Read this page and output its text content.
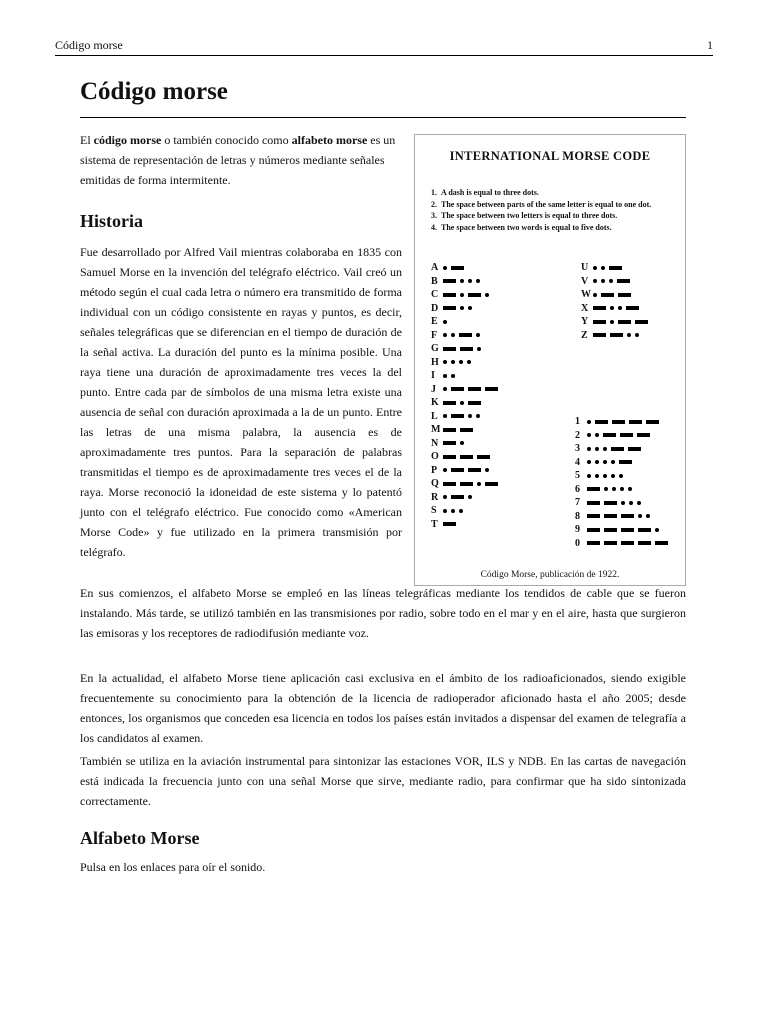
Código morse	1
Código morse

El código morse o también conocido como alfabeto morse es un sistema de representación de letras y números mediante señales emitidas de forma intermitente.

Historia

Fue desarrollado por Alfred Vail mientras colaboraba en 1835 con Samuel Morse en la invención del telégrafo eléctrico. Vail creó un método según el cual cada letra o número era transmitido de forma individual con un código consistente en rayas y puntos, es decir, señales telegráficas que se diferencian en el tiempo de duración de la señal activa. La duración del punto es la mínima posible. Una raya tiene una duración de aproximadamente tres veces la del punto. Entre cada par de símbolos de una misma letra existe una ausencia de señal con duración aproximada a la de un punto. Entre las letras de una misma palabra, la ausencia es de aproximadamente tres puntos. Para la separación de palabras transmitidas el tiempo es de aproximadamente tres veces el de la raya. Morse reconoció la idoneidad de este sistema y lo patentó junto con el telégrafo eléctrico. Fue conocido como «American Morse Code» y fue utilizado en la primera transmisión por telégrafo.

En sus comienzos, el alfabeto Morse se empleó en las líneas telegráficas mediante los tendidos de cable que se fueron instalando. Más tarde, se utilizó también en las transmisiones por radio, sobre todo en el mar y en el aire, hasta que surgieron las emisoras y los receptores de radiodifusión mediante voz.

En la actualidad, el alfabeto Morse tiene aplicación casi exclusiva en el ámbito de los radioaficionados, siendo exigible frecuentemente su conocimiento para la obtención de la licencia de radioperador aficionado hasta el año 2005; desde entonces, los organismos que conceden esa licencia en todos los países están invitados a dispensar del examen de telegrafía a los candidatos al examen.

También se utiliza en la aviación instrumental para sintonizar las estaciones VOR, ILS y NDB. En las cartas de navegación está indicada la frecuencia junto con una señal Morse que sirve, mediante radio, para confirmar que ha sido sintonizada correctamente.

Alfabeto Morse

Pulsa en los enlaces para oír el sonido.

INTERNATIONAL MORSE CODE
1. A dash is equal to three dots.
2. The space between parts of the same letter is equal to one dot.
3. The space between two letters is equal to three dots.
4. The space between two words is equal to five dots.
A
B
C
D
E
F
G
H
I
J
K
L
M
N
O
P
Q
R
S
T
U
V
W
X
Y
Z
1
2
3
4
5
6
7
8
9
0
Código Morse, publicación de 1922.
